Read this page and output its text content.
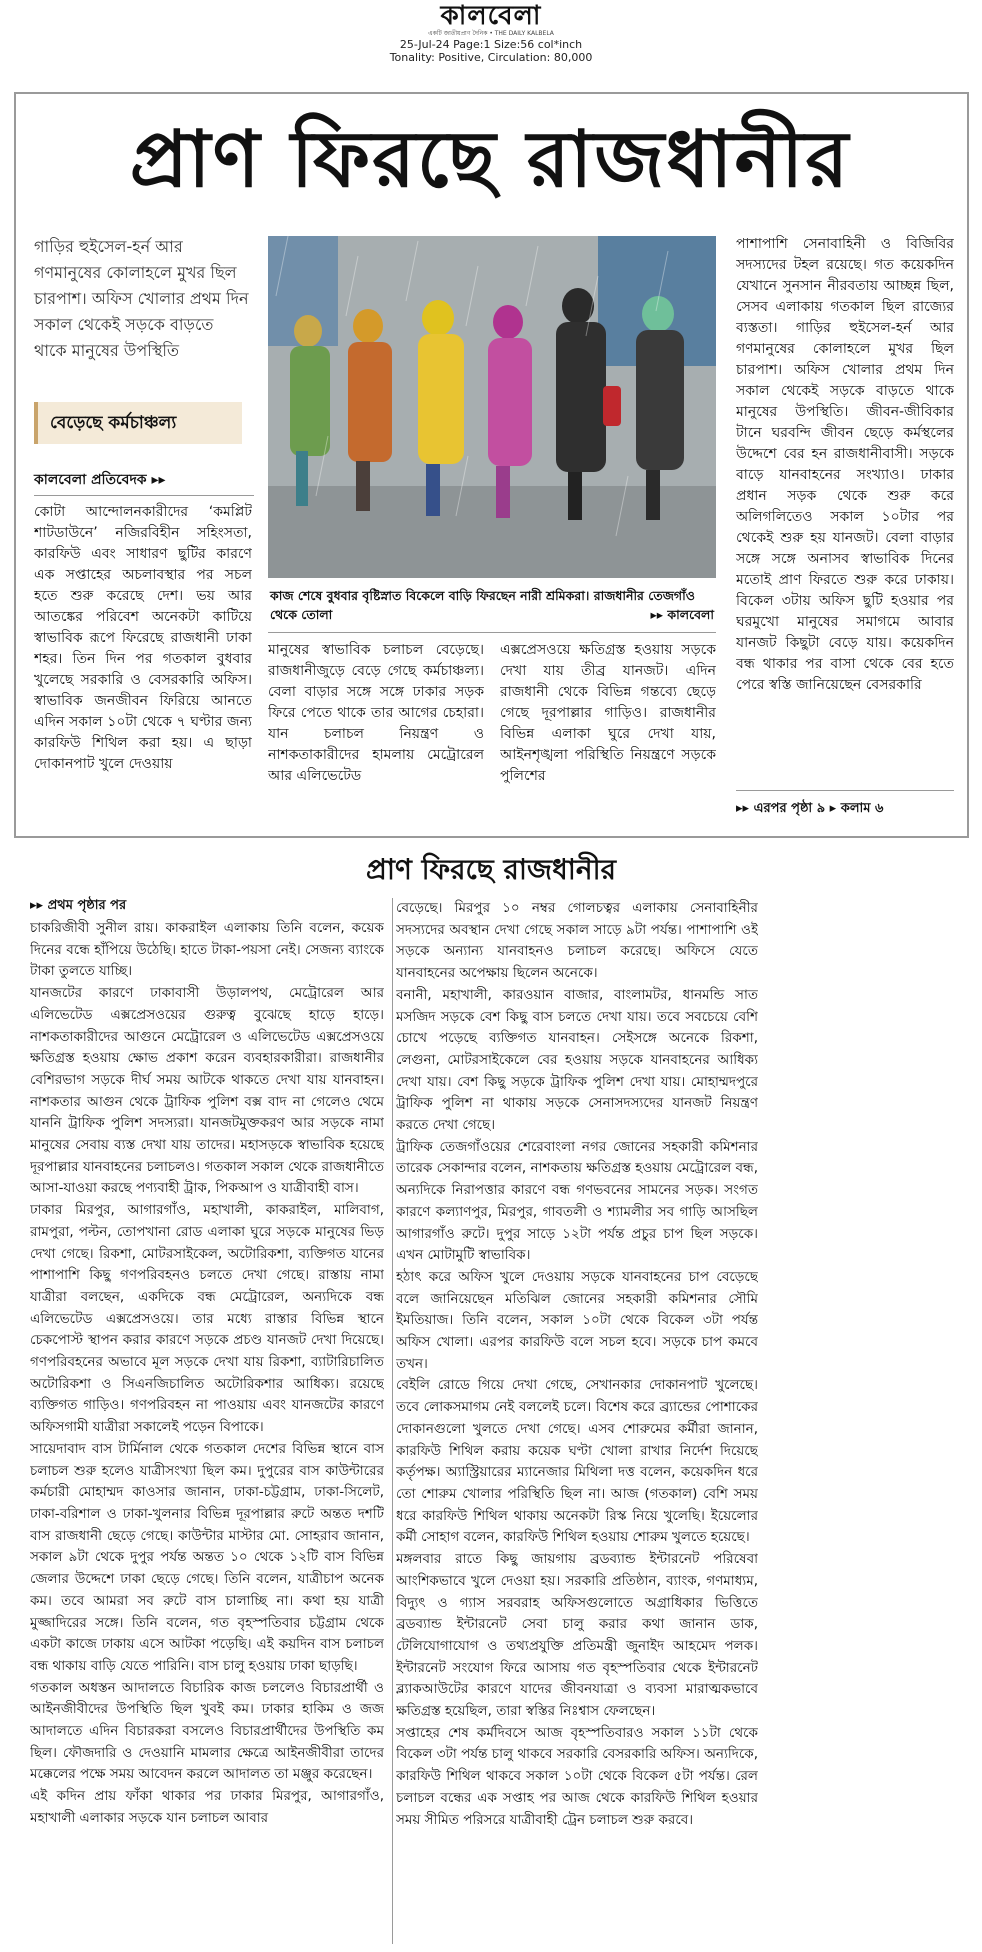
কালবেলা
একটি জাতীয়প্রাণ দৈনিক • THE DAILY KALBELA
25-Jul-24 Page:1 Size:56 col*inch
Tonality: Positive, Circulation: 80,000
প্রাণ ফিরছে রাজধানীর
গাড়ির হুইসেল-হর্ন আর গণমানুষের কোলাহলে মুখর ছিল চারপাশ। অফিস খোলার প্রথম দিন সকাল থেকেই সড়কে বাড়তে থাকে মানুষের উপস্থিতি
বেড়েছে কর্মচাঞ্চল্য
কালবেলা প্রতিবেদক ▸▸
কোটা আন্দোলনকারীদের ‘কমপ্লিট শাটডাউনে’ নজিরবিহীন সহিংসতা, কারফিউ এবং সাধারণ ছুটির কারণে এক সপ্তাহের অচলাবস্থার পর সচল হতে শুরু করেছে দেশ। ভয় আর আতঙ্কের পরিবেশ অনেকটা কাটিয়ে স্বাভাবিক রূপে ফিরেছে রাজধানী ঢাকা শহর। তিন দিন পর গতকাল বুধবার খুলেছে সরকারি ও বেসরকারি অফিস। স্বাভাবিক জনজীবন ফিরিয়ে আনতে এদিন সকাল ১০টা থেকে ৭ ঘণ্টার জন্য কারফিউ শিথিল করা হয়। এ ছাড়া দোকানপাট খুলে দেওয়ায়
কাজ শেষে বুধবার বৃষ্টিস্নাত বিকেলে বাড়ি ফিরছেন নারী শ্রমিকরা। রাজধানীর তেজগাঁও থেকে তোলা	▸▸ কালবেলা
মানুষের স্বাভাবিক চলাচল বেড়েছে। রাজধানীজুড়ে বেড়ে গেছে কর্মচাঞ্চল্য। বেলা বাড়ার সঙ্গে সঙ্গে ঢাকার সড়ক ফিরে পেতে থাকে তার আগের চেহারা। যান চলাচল নিয়ন্ত্রণ ও নাশকতাকারীদের হামলায় মেট্রোরেল আর এলিভেটেড
এক্সপ্রেসওয়ে ক্ষতিগ্রস্ত হওয়ায় সড়কে দেখা যায় তীব্র যানজট। এদিন রাজধানী থেকে বিভিন্ন গন্তব্যে ছেড়ে গেছে দূরপাল্লার গাড়িও। রাজধানীর বিভিন্ন এলাকা ঘুরে দেখা যায়, আইনশৃঙ্খলা পরিস্থিতি নিয়ন্ত্রণে সড়কে পুলিশের
পাশাপাশি সেনাবাহিনী ও বিজিবির সদস্যদের টহল রয়েছে। গত কয়েকদিন যেখানে সুনসান নীরবতায় আচ্ছন্ন ছিল, সেসব এলাকায় গতকাল ছিল রাজ্যের ব্যস্ততা। গাড়ির হুইসেল-হর্ন আর গণমানুষের কোলাহলে মুখর ছিল চারপাশ। অফিস খোলার প্রথম দিন সকাল থেকেই সড়কে বাড়তে থাকে মানুষের উপস্থিতি। জীবন-জীবিকার টানে ঘরবন্দি জীবন ছেড়ে কর্মস্থলের উদ্দেশে বের হন রাজধানীবাসী। সড়কে বাড়ে যানবাহনের সংখ্যাও। ঢাকার প্রধান সড়ক থেকে শুরু করে অলিগলিতেও সকাল ১০টার পর থেকেই শুরু হয় যানজট। বেলা বাড়ার সঙ্গে সঙ্গে অনাসব স্বাভাবিক দিনের মতোই প্রাণ ফিরতে শুরু করে ঢাকায়। বিকেল ৩টায় অফিস ছুটি হওয়ার পর ঘরমুখো মানুষের সমাগমে আবার যানজট কিছুটা বেড়ে যায়। কয়েকদিন বন্ধ থাকার পর বাসা থেকে বের হতে পেরে স্বস্তি জানিয়েছেন বেসরকারি
▸▸ এরপর পৃষ্ঠা ৯ ▸ কলাম ৬
প্রাণ ফিরছে রাজধানীর
▸▸ প্রথম পৃষ্ঠার পর

চাকরিজীবী সুনীল রায়। কাকরাইল এলাকায় তিনি বলেন, কয়েক দিনের বন্ধে হাঁপিয়ে উঠেছি। হাতে টাকা-পয়সা নেই। সেজন্য ব্যাংকে টাকা তুলতে যাচ্ছি।

যানজটের কারণে ঢাকাবাসী উড়ালপথ, মেট্রোরেল আর এলিভেটেড এক্সপ্রেসওয়ের গুরুত্ব বুঝেছে হাড়ে হাড়ে। নাশকতাকারীদের আগুনে মেট্রোরেল ও এলিভেটেড এক্সপ্রেসওয়ে ক্ষতিগ্রস্ত হওয়ায় ক্ষোভ প্রকাশ করেন ব্যবহারকারীরা। রাজধানীর বেশিরভাগ সড়কে দীর্ঘ সময় আটকে থাকতে দেখা যায় যানবাহন। নাশকতার আগুন থেকে ট্রাফিক পুলিশ বক্স বাদ না গেলেও থেমে যাননি ট্রাফিক পুলিশ সদস্যরা। যানজটমুক্তকরণ আর সড়কে নামা মানুষের সেবায় ব্যস্ত দেখা যায় তাদের। মহাসড়কে স্বাভাবিক হয়েছে দূরপাল্লার যানবাহনের চলাচলও। গতকাল সকাল থেকে রাজধানীতে আসা-যাওয়া করছে পণ্যবাহী ট্রাক, পিকআপ ও যাত্রীবাহী বাস।

ঢাকার মিরপুর, আগারগাঁও, মহাখালী, কাকরাইল, মালিবাগ, রামপুরা, পল্টন, তোপখানা রোড এলাকা ঘুরে সড়কে মানুষের ভিড় দেখা গেছে। রিকশা, মোটরসাইকেল, অটোরিকশা, ব্যক্তিগত যানের পাশাপাশি কিছু গণপরিবহনও চলতে দেখা গেছে। রাস্তায় নামা যাত্রীরা বলছেন, একদিকে বন্ধ মেট্রোরেল, অন্যদিকে বন্ধ এলিভেটেড এক্সপ্রেসওয়ে। তার মধ্যে রাস্তার বিভিন্ন স্থানে চেকপোস্ট স্থাপন করার কারণে সড়কে প্রচণ্ড যানজট দেখা দিয়েছে। গণপরিবহনের অভাবে মূল সড়কে দেখা যায় রিকশা, ব্যাটারিচালিত অটোরিকশা ও সিএনজিচালিত অটোরিকশার আধিক্য। রয়েছে ব্যক্তিগত গাড়িও। গণপরিবহন না পাওয়ায় এবং যানজটের কারণে অফিসগামী যাত্রীরা সকালেই পড়েন বিপাকে।

সায়েদাবাদ বাস টার্মিনাল থেকে গতকাল দেশের বিভিন্ন স্থানে বাস চলাচল শুরু হলেও যাত্রীসংখ্যা ছিল কম। দুপুরের বাস কাউন্টারের কর্মচারী মোহাম্মদ কাওসার জানান, ঢাকা-চট্টগ্রাম, ঢাকা-সিলেট, ঢাকা-বরিশাল ও ঢাকা-খুলনার বিভিন্ন দূরপাল্লার রুটে অন্তত দশটি বাস রাজধানী ছেড়ে গেছে। কাউন্টার মাস্টার মো. সোহরাব জানান, সকাল ৯টা থেকে দুপুর পর্যন্ত অন্তত ১০ থেকে ১২টি বাস বিভিন্ন জেলার উদ্দেশে ঢাকা ছেড়ে গেছে। তিনি বলেন, যাত্রীচাপ অনেক কম। তবে আমরা সব রুটে বাস চালাচ্ছি না। কথা হয় যাত্রী মুজ্জাদিরের সঙ্গে। তিনি বলেন, গত বৃহস্পতিবার চট্টগ্রাম থেকে একটা কাজে ঢাকায় এসে আটকা পড়েছি। এই কয়দিন বাস চলাচল বন্ধ থাকায় বাড়ি যেতে পারিনি। বাস চালু হওয়ায় ঢাকা ছাড়ছি।

গতকাল অধস্তন আদালতে বিচারিক কাজ চললেও বিচারপ্রার্থী ও আইনজীবীদের উপস্থিতি ছিল খুবই কম। ঢাকার হাকিম ও জজ আদালতে এদিন বিচারকরা বসলেও বিচারপ্রার্থীদের উপস্থিতি কম ছিল। ফৌজদারি ও দেওয়ানি মামলার ক্ষেত্রে আইনজীবীরা তাদের মক্কেলের পক্ষে সময় আবেদন করলে আদালত তা মঞ্জুর করেছেন।

এই কদিন প্রায় ফাঁকা থাকার পর ঢাকার মিরপুর, আগারগাঁও, মহাখালী এলাকার সড়কে যান চলাচল আবার

বেড়েছে। মিরপুর ১০ নম্বর গোলচত্বর এলাকায় সেনাবাহিনীর সদস্যদের অবস্থান দেখা গেছে সকাল সাড়ে ৯টা পর্যন্ত। পাশাপাশি ওই সড়কে অন্যান্য যানবাহনও চলাচল করেছে। অফিসে যেতে যানবাহনের অপেক্ষায় ছিলেন অনেকে।

বনানী, মহাখালী, কারওয়ান বাজার, বাংলামটর, ধানমন্ডি সাত মসজিদ সড়কে বেশ কিছু বাস চলতে দেখা যায়। তবে সবচেয়ে বেশি চোখে পড়েছে ব্যক্তিগত যানবাহন। সেইসঙ্গে অনেকে রিকশা, লেগুনা, মোটরসাইকেলে বের হওয়ায় সড়কে যানবাহনের আধিক্য দেখা যায়। বেশ কিছু সড়কে ট্রাফিক পুলিশ দেখা যায়। মোহাম্মদপুরে ট্রাফিক পুলিশ না থাকায় সড়কে সেনাসদস্যদের যানজট নিয়ন্ত্রণ করতে দেখা গেছে।

ট্রাফিক তেজগাঁওয়ের শেরেবাংলা নগর জোনের সহকারী কমিশনার তারেক সেকান্দার বলেন, নাশকতায় ক্ষতিগ্রস্ত হওয়ায় মেট্রোরেল বন্ধ, অন্যদিকে নিরাপত্তার কারণে বন্ধ গণভবনের সামনের সড়ক। সংগত কারণে কল্যাণপুর, মিরপুর, গাবতলী ও শ্যামলীর সব গাড়ি আসছিল আগারগাঁও রুটে। দুপুর সাড়ে ১২টা পর্যন্ত প্রচুর চাপ ছিল সড়কে। এখন মোটামুটি স্বাভাবিক।

হঠাৎ করে অফিস খুলে দেওয়ায় সড়কে যানবাহনের চাপ বেড়েছে বলে জানিয়েছেন মতিঝিল জোনের সহকারী কমিশনার সৌমি ইমতিয়াজ। তিনি বলেন, সকাল ১০টা থেকে বিকেল ৩টা পর্যন্ত অফিস খোলা। এরপর কারফিউ বলে সচল হবে। সড়কে চাপ কমবে তখন।

বেইলি রোডে গিয়ে দেখা গেছে, সেখানকার দোকানপাট খুলেছে। তবে লোকসমাগম নেই বললেই চলে। বিশেষ করে ব্র্যান্ডের পোশাকের দোকানগুলো খুলতে দেখা গেছে। এসব শোরুমের কর্মীরা জানান, কারফিউ শিথিল করায় কয়েক ঘণ্টা খোলা রাখার নির্দেশ দিয়েছে কর্তৃপক্ষ। অ্যাস্ট্রিয়ারের ম্যানেজার মিথিলা দত্ত বলেন, কয়েকদিন ধরে তো শোরুম খোলার পরিস্থিতি ছিল না। আজ (গতকাল) বেশি সময় ধরে কারফিউ শিথিল থাকায় অনেকটা রিস্ক নিয়ে খুলেছি। ইয়েলোর কর্মী সোহাগ বলেন, কারফিউ শিথিল হওয়ায় শোরুম খুলতে হয়েছে।

মঙ্গলবার রাতে কিছু জায়গায় ব্রডব্যান্ড ইন্টারনেট পরিষেবা আংশিকভাবে খুলে দেওয়া হয়। সরকারি প্রতিষ্ঠান, ব্যাংক, গণমাধ্যম, বিদ্যুৎ ও গ্যাস সরবরাহ অফিসগুলোতে অগ্রাধিকার ভিত্তিতে ব্রডব্যান্ড ইন্টারনেট সেবা চালু করার কথা জানান ডাক, টেলিযোগাযোগ ও তথ্যপ্রযুক্তি প্রতিমন্ত্রী জুনাইদ আহমেদ পলক। ইন্টারনেট সংযোগ ফিরে আসায় গত বৃহস্পতিবার থেকে ইন্টারনেট ব্ল্যাকআউটের কারণে যাদের জীবনযাত্রা ও ব্যবসা মারাত্মকভাবে ক্ষতিগ্রস্ত হয়েছিল, তারা স্বস্তির নিঃশ্বাস ফেলছেন।

সপ্তাহের শেষ কর্মদিবসে আজ বৃহস্পতিবারও সকাল ১১টা থেকে বিকেল ৩টা পর্যন্ত চালু থাকবে সরকারি বেসরকারি অফিস। অন্যদিকে, কারফিউ শিথিল থাকবে সকাল ১০টা থেকে বিকেল ৫টা পর্যন্ত। রেল চলাচল বন্ধের এক সপ্তাহ পর আজ থেকে কারফিউ শিথিল হওয়ার সময় সীমিত পরিসরে যাত্রীবাহী ট্রেন চলাচল শুরু করবে।
